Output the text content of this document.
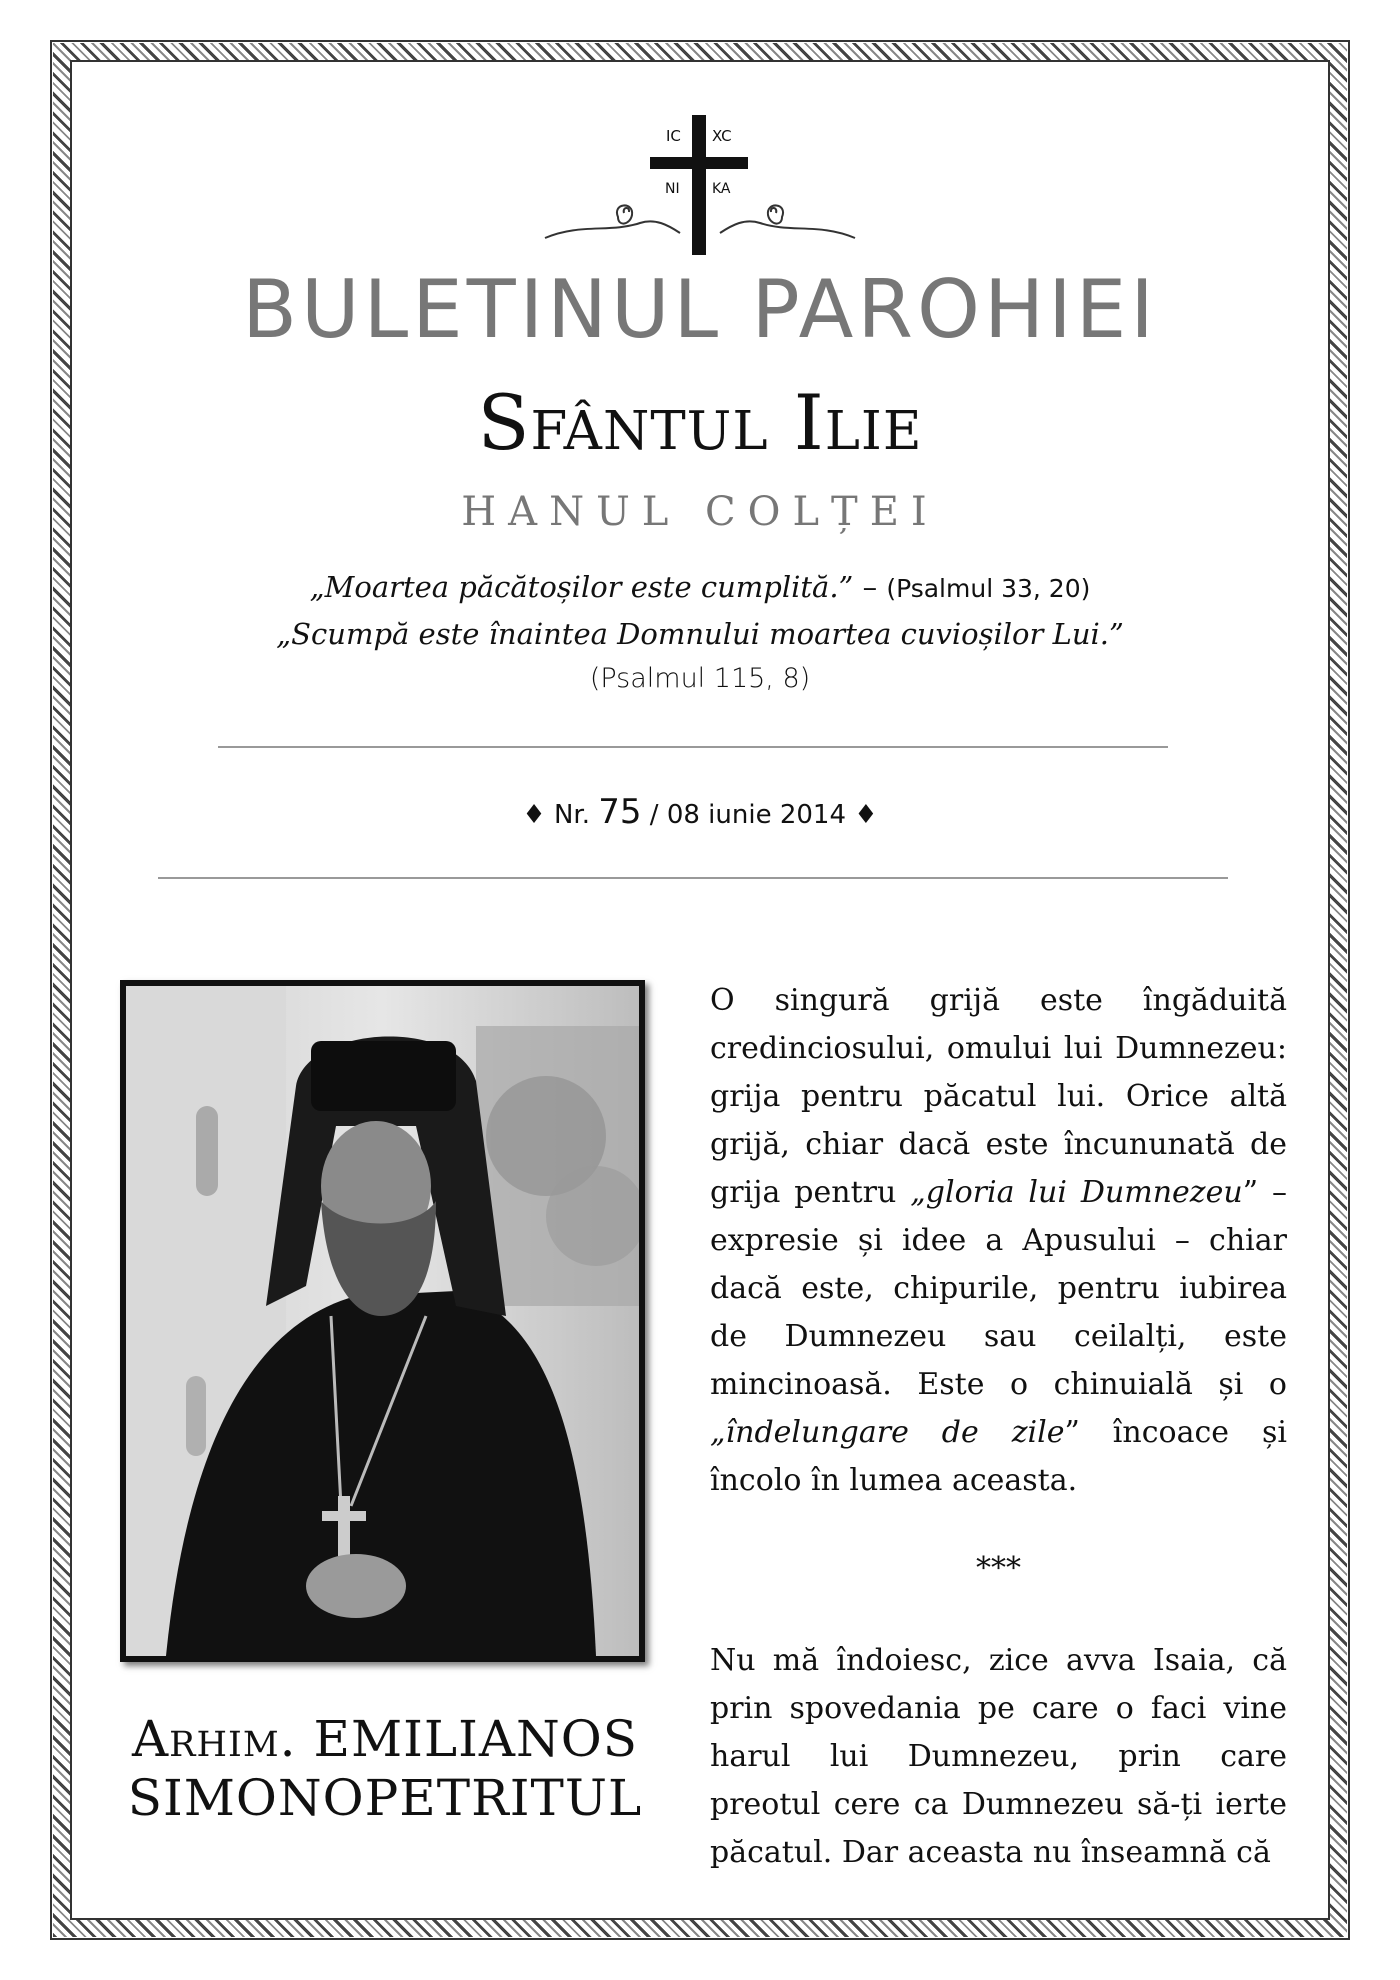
IC XC
NI KA
BULETINUL PAROHIEI
Sfântul Ilie
HANUL COLȚEI
„Moartea păcătoșilor este cumplită.” – (Psalmul 33, 20)
„Scumpă este înaintea Domnului moartea cuvioșilor Lui.”
(Psalmul 115, 8)
♦ Nr. 75 / 08 iunie 2014 ♦
Arhim. EMILIANOS
SIMONOPETRITUL

O singură grijă este îngăduită credinciosului, omului lui Dumnezeu: grija pentru păcatul lui. Orice altă grijă, chiar dacă este încununată de grija pentru „gloria lui Dumnezeu” – expresie și idee a Apusului – chiar dacă este, chipurile, pentru iubirea de Dumnezeu sau ceilalți, este mincinoasă. Este o chinuială și o „îndelungare de zile” încoace și încolo în lumea aceasta.

***

Nu mă îndoiesc, zice avva Isaia, că prin spovedania pe care o faci vine harul lui Dumnezeu, prin care preotul cere ca Dumnezeu să-ți ierte păcatul. Dar aceasta nu înseamnă că
